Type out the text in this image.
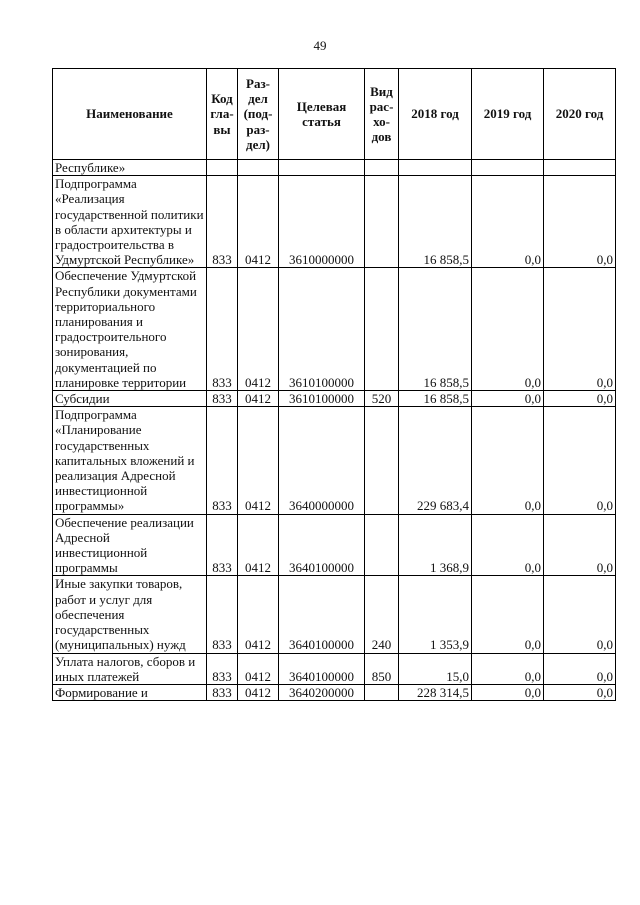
49
Наименование	Код гла-вы	Раз-дел (под-раз-дел)	Целевая статья	Вид рас-хо-дов	2018 год	2019 год	2020 год
Республике»							
Подпрограмма «Реализация государственной политики в области архитектуры и градостроительства в Удмуртской Республике»	833	0412	3610000000		16 858,5	0,0	0,0
Обеспечение Удмуртской Республики документами территориального планирования и градостроительного зонирования, документацией по планировке территории	833	0412	3610100000		16 858,5	0,0	0,0
Субсидии	833	0412	3610100000	520	16 858,5	0,0	0,0
Подпрограмма «Планирование государственных капитальных вложений и реализация Адресной инвестиционной программы»	833	0412	3640000000		229 683,4	0,0	0,0
Обеспечение реализации Адресной инвестиционной программы	833	0412	3640100000		1 368,9	0,0	0,0
Иные закупки товаров, работ и услуг для обеспечения государственных (муниципальных) нужд	833	0412	3640100000	240	1 353,9	0,0	0,0
Уплата налогов, сборов и иных платежей	833	0412	3640100000	850	15,0	0,0	0,0
Формирование и	833	0412	3640200000		228 314,5	0,0	0,0
